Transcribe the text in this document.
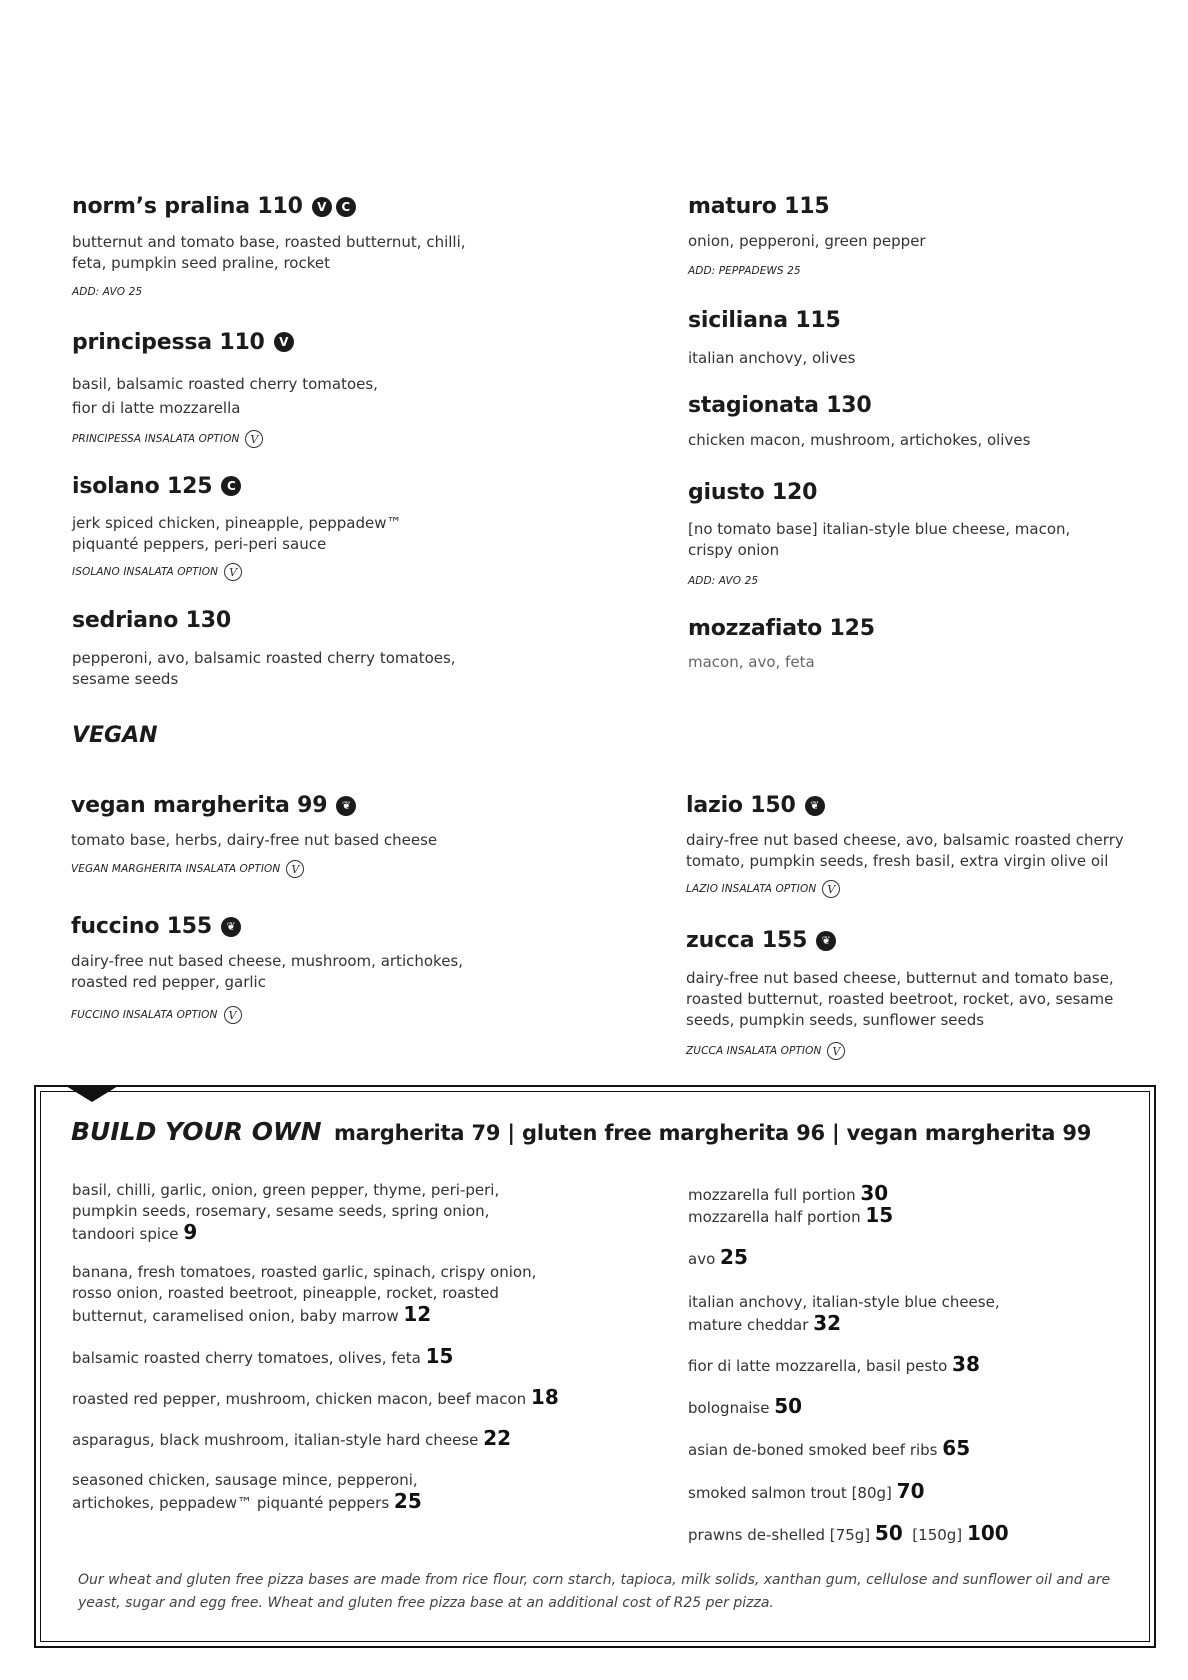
norm’s pralina 110	V	C
butternut and tomato base, roasted butternut, chilli,
feta, pumpkin seed praline, rocket
ADD: AVO 25
principessa 110 V
basil, balsamic roasted cherry tomatoes,
fior di latte mozzarella
PRINCIPESSA INSALATA OPTION V
isolano 125 C
jerk spiced chicken, pineapple, peppadew™
piquanté peppers, peri-peri sauce
ISOLANO INSALATA OPTION V
sedriano 130
pepperoni, avo, balsamic roasted cherry tomatoes,
sesame seeds
maturo 115
onion, pepperoni, green pepper
ADD: PEPPADEWS 25
siciliana 115
italian anchovy, olives
stagionata 130
chicken macon, mushroom, artichokes, olives
giusto 120
[no tomato base] italian-style blue cheese, macon,
crispy onion
ADD: AVO 25
mozzafiato 125
macon, avo, feta
VEGAN
vegan margherita 99 ❦
tomato base, herbs, dairy-free nut based cheese
VEGAN MARGHERITA INSALATA OPTION V
fuccino 155 ❦
dairy-free nut based cheese, mushroom, artichokes,
roasted red pepper, garlic
FUCCINO INSALATA OPTION V
lazio 150 ❦
dairy-free nut based cheese, avo, balsamic roasted cherry
tomato, pumpkin seeds, fresh basil, extra virgin olive oil
LAZIO INSALATA OPTION V
zucca 155 ❦
dairy-free nut based cheese, butternut and tomato base,
roasted butternut, roasted beetroot, rocket, avo, sesame
seeds, pumpkin seeds, sunflower seeds
ZUCCA INSALATA OPTION V
BUILD YOUR OWN margherita 79 | gluten free margherita 96 | vegan margherita 99
basil, chilli, garlic, onion, green pepper, thyme, peri-peri,
pumpkin seeds, rosemary, sesame seeds, spring onion,
tandoori spice 9
banana, fresh tomatoes, roasted garlic, spinach, crispy onion,
rosso onion, roasted beetroot, pineapple, rocket, roasted
butternut, caramelised onion, baby marrow 12
balsamic roasted cherry tomatoes, olives, feta 15
roasted red pepper, mushroom, chicken macon, beef macon 18
asparagus, black mushroom, italian-style hard cheese 22
seasoned chicken, sausage mince, pepperoni,
artichokes, peppadew™ piquanté peppers 25
mozzarella full portion 30
mozzarella half portion 15
avo 25
italian anchovy, italian-style blue cheese,
mature cheddar 32
fior di latte mozzarella, basil pesto 38
bolognaise 50
asian de-boned smoked beef ribs 65
smoked salmon trout [80g] 70
prawns de-shelled [75g] 50 [150g] 100
Our wheat and gluten free pizza bases are made from rice flour, corn starch, tapioca, milk solids, xanthan gum, cellulose and sunflower oil and are
yeast, sugar and egg free. Wheat and gluten free pizza base at an additional cost of R25 per pizza.
